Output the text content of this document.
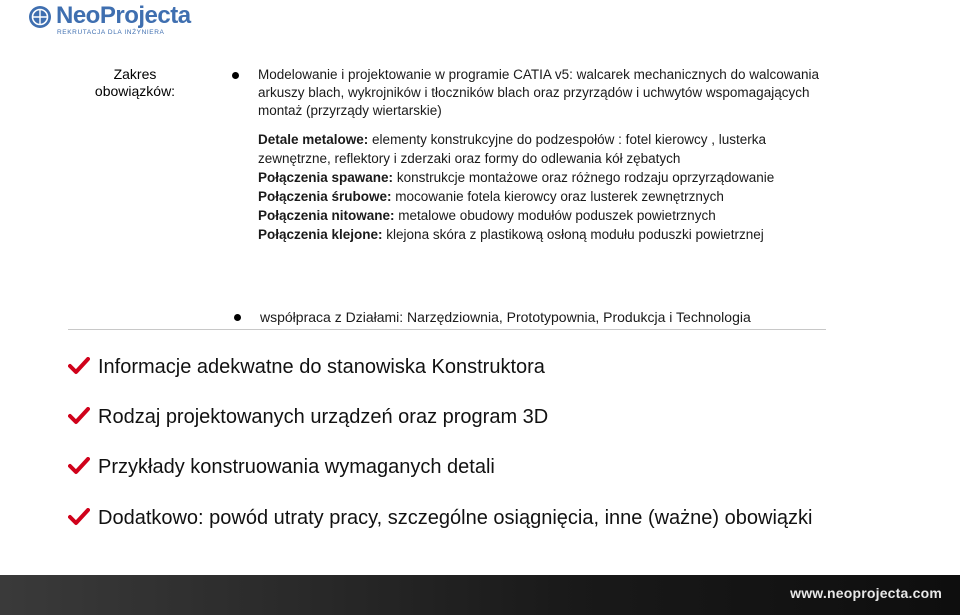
NeoProjecta
REKRUTACJA DLA INŻYNIERA
Zakres obowiązków:
Modelowanie i projektowanie w programie CATIA v5: walcarek mechanicznych do walcowania arkuszy blach, wykrojników i tłoczników blach oraz przyrządów i uchwytów wspomagających montaż (przyrządy wiertarskie)
Detale metalowe: elementy konstrukcyjne do podzespołów : fotel kierowcy , lusterka zewnętrzne, reflektory i zderzaki oraz formy do odlewania kół zębatych
Połączenia spawane: konstrukcje montażowe oraz różnego rodzaju oprzyrządowanie
Połączenia śrubowe: mocowanie fotela kierowcy oraz lusterek zewnętrznych
Połączenia nitowane: metalowe obudowy modułów poduszek powietrznych
Połączenia klejone: klejona skóra z plastikową osłoną modułu poduszki powietrznej
współpraca z Działami: Narzędziownia, Prototypownia, Produkcja i Technologia
Informacje adekwatne do stanowiska Konstruktora
Rodzaj projektowanych urządzeń oraz program 3D
Przykłady konstruowania wymaganych detali
Dodatkowo: powód utraty pracy, szczególne osiągnięcia, inne (ważne) obowiązki
www.neoprojecta.com
